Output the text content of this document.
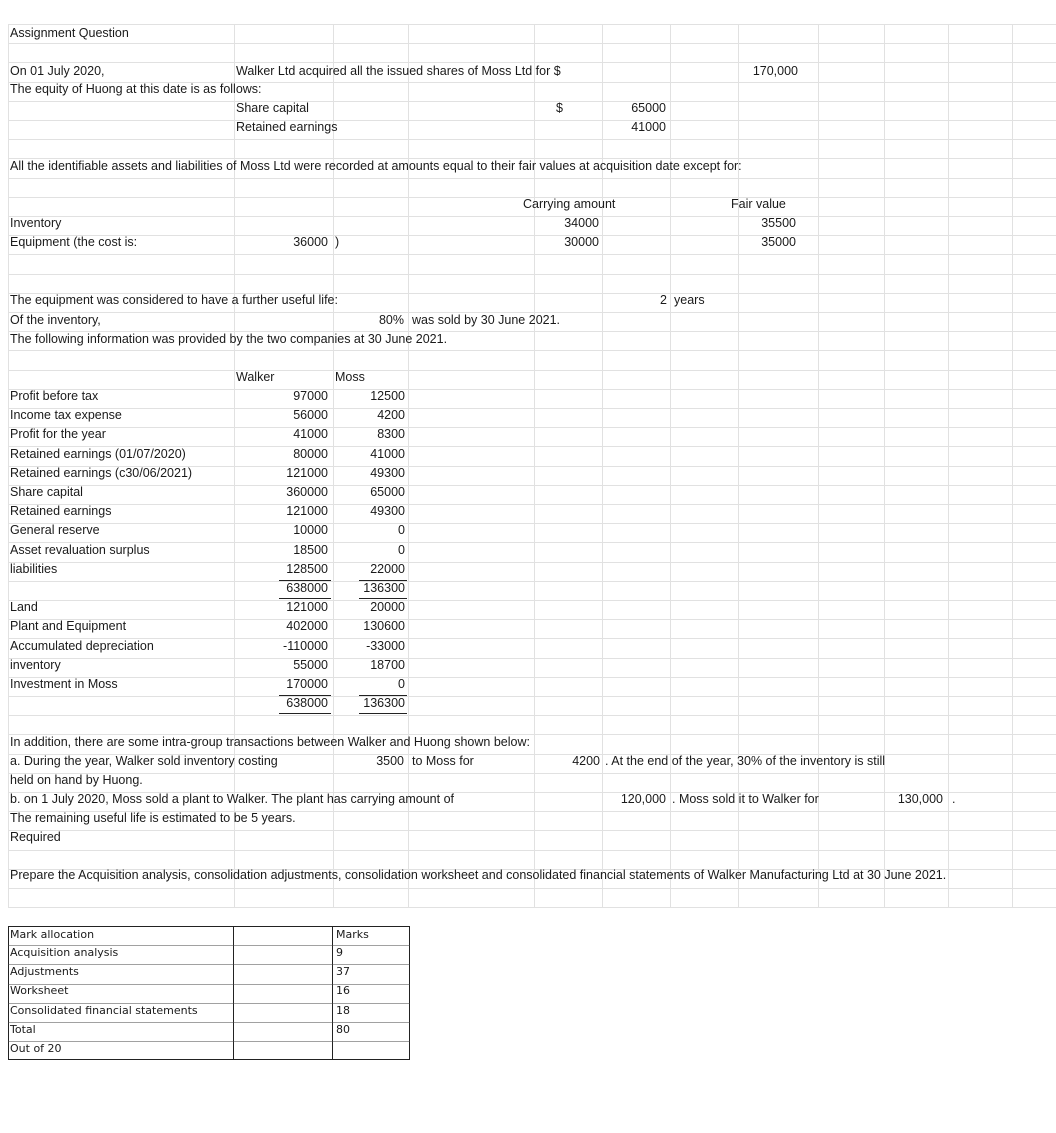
Assignment Question
On 01 July 2020,	Walker Ltd acquired all the issued shares of Moss Ltd for $	170,000
The equity of Huong at this date is as follows:
Share capital	$	65000
Retained earnings	41000
All the identifiable assets and liabilities of Moss Ltd were recorded at amounts equal to their fair values at acquisition date except for:
Carrying amount	Fair value
Inventory	34000	35500
Equipment (the cost is:	36000 )	30000	35000
The equipment was considered to have a further useful life:	2 years
Of the inventory,	80% was sold by 30 June 2021.
The following information was provided by the two companies at 30 June 2021.
Walker	Moss
Profit before tax	97000	12500
Income tax expense	56000	4200
Profit for the year	41000	8300
Retained earnings (01/07/2020)	80000	41000
Retained earnings (c30/06/2021)	121000	49300
Share capital	360000	65000
Retained earnings	121000	49300
General reserve	10000	0
Asset revaluation surplus	18500	0
liabilities	128500	22000
638000	136300
Land	121000	20000
Plant and Equipment	402000	130600
Accumulated depreciation	-110000	-33000
inventory	55000	18700
Investment in Moss	170000	0
638000	136300
In addition, there are some intra-group transactions between Walker and Huong shown below:
a. During the year, Walker sold inventory costing	3500 to Moss for	4200 . At the end of the year, 30% of the inventory is still
held on hand by Huong.
b. on 1 July 2020, Moss sold a plant to Walker. The plant has carrying amount of	120,000 . Moss sold it to Walker for	130,000 .
The remaining useful life is estimated to be 5 years.
Required
Prepare the Acquisition analysis, consolidation adjustments, consolidation worksheet and consolidated financial statements of Walker Manufacturing Ltd at 30 June 2021.
Mark allocation	Marks
Acquisition analysis	9
Adjustments	37
Worksheet	16
Consolidated financial statements	18
Total	80
Out of 20
